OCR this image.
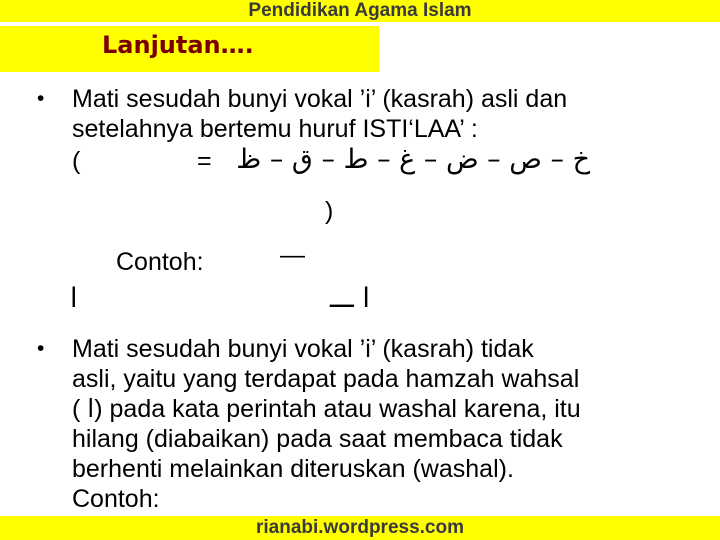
Pendidikan Agama Islam
Lanjutan….
• Mati sesudah bunyi vokal ’i’ (kasrah) asli dan
setelahnya bertemu huruf ISTI‘LAA’ :
(	= خ – ص – ض – غ – ط – ق – ظ
)
Contoh:	—
ا	ا ـــ
• Mati sesudah bunyi vokal ’i’ (kasrah) tidak
asli, yaitu yang terdapat pada hamzah wahsal
( ا) pada kata perintah atau washal karena, itu
hilang (diabaikan) pada saat membaca tidak
berhenti melainkan diteruskan (washal).
Contoh:
rianabi.wordpress.com
